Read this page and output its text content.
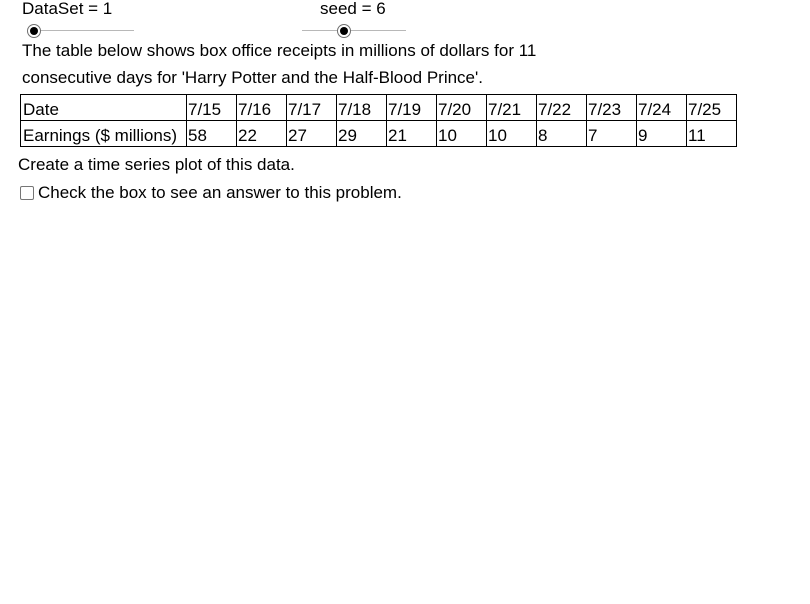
DataSet = 1	seed = 6
The table below shows box office receipts in millions of dollars for 11
consecutive days for 'Harry Potter and the Half-Blood Prince'.
Date	7/15	7/16	7/17	7/18	7/19	7/20	7/21	7/22	7/23	7/24	7/25
Earnings ($ millions)	58	22	27	29	21	10	10	8	7	9	11
Create a time series plot of this data.
Check the box to see an answer to this problem.
